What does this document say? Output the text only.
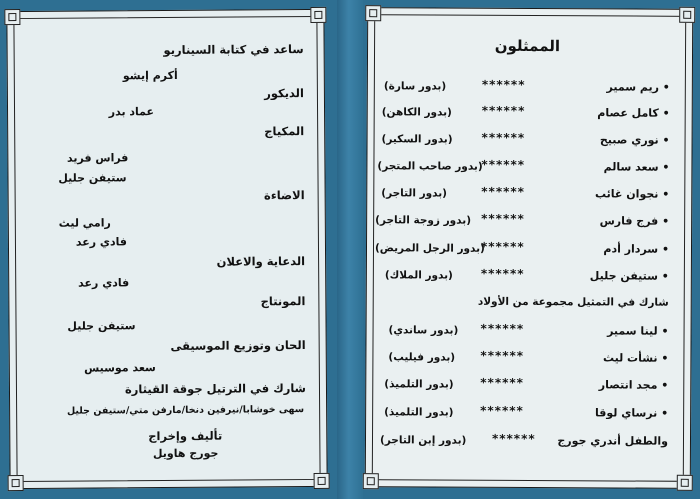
ساعد في كتابة السيناريو
أكرم إيشو
الديكور
عماد بدر
المكياج
فراس فريد
ستيفن جليل
الاضاءة
رامي ليث
فادي رعد
الدعاية والاعلان
فادي رعد
المونتاج
ستيفن جليل
الحان وتوزيع الموسيقى
سعد موسيس
شارك في الترتيل جوقة القيثارة
سهى خوشابا/نيرفين دنخا/مارفن متي/ستيفن جليل
تأليف وإخراج
جورج هاويل
الممثلون
• ريم سمير
******
(بدور سارة)
• كامل عصام
******
(بدور الكاهن)
• نوري صبيح
******
(بدور السكير)
• سعد سالم
******
(بدور صاحب المتجر)
• نجوان غائب
******
(بدور التاجر)
• فرج فارس
******
(بدور زوجة التاجر)
• سردار أدم
******
(بدور الرجل المريض)
• ستيفن جليل
******
(بدور الملاك)
شارك في التمثيل مجموعة من الأولاد
• لينا سمير
******
(بدور ساندي)
• نشأت ليث
******
(بدور فيليب)
• مجد انتصار
******
(بدور التلميذ)
• نرساي لوقا
******
(بدور التلميذ)
والطفل أندري جورج
******
(بدور إبن التاجر)
